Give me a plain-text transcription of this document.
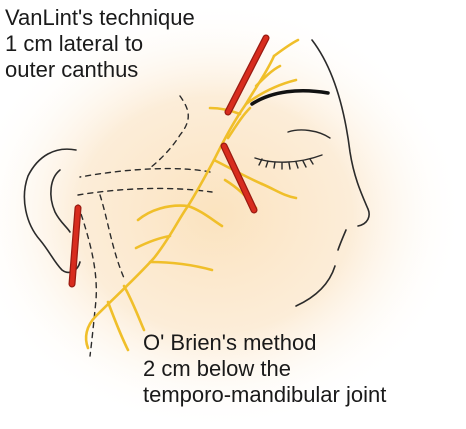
VanLint's technique
1 cm lateral to
outer canthus
O' Brien's method
2 cm below the
temporo-mandibular joint
